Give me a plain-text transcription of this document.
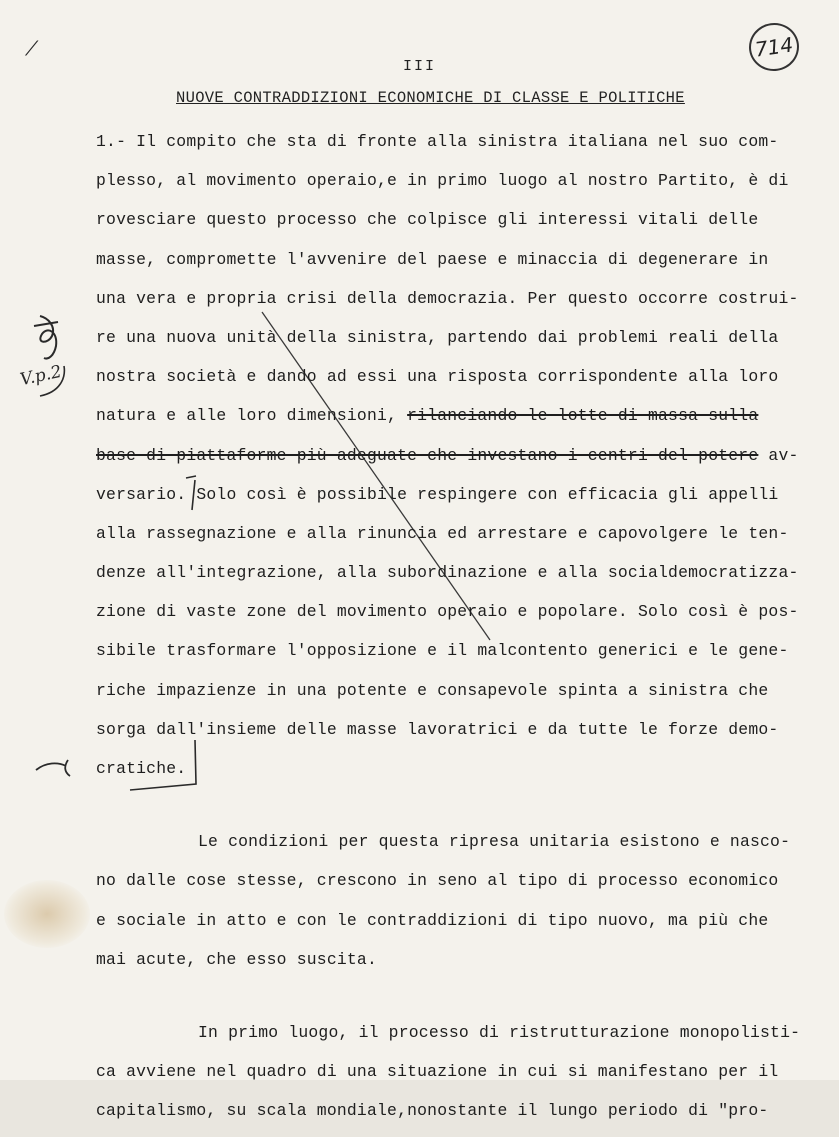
714
⁄
V.p.2
III
NUOVE CONTRADDIZIONI ECONOMICHE DI CLASSE E POLITICHE
1.- Il compito che sta di fronte alla sinistra italiana nel suo com-
plesso, al movimento operaio,e in primo luogo al nostro Partito, è di
rovesciare questo processo che colpisce gli interessi vitali delle
masse, compromette l'avvenire del paese e minaccia di degenerare in
una vera e propria crisi della democrazia. Per questo occorre costrui-
re una nuova unità della sinistra, partendo dai problemi reali della
nostra società e dando ad essi una risposta corrispondente alla loro
natura e alle loro dimensioni, rilanciando le lotte di massa sulla
base di piattaforme più adeguate che investano i centri del potere av-
versario. Solo così è possibile respingere con efficacia gli appelli
alla rassegnazione e alla rinuncia ed arrestare e capovolgere le ten-
denze all'integrazione, alla subordinazione e alla socialdemocratizza-
zione di vaste zone del movimento operaio e popolare. Solo così è pos-
sibile trasformare l'opposizione e il malcontento generici e le gene-
riche impazienze in una potente e consapevole spinta a sinistra che
sorga dall'insieme delle masse lavoratrici e da tutte le forze demo-
cratiche.
Le condizioni per questa ripresa unitaria esistono e nasco-
no dalle cose stesse, crescono in seno al tipo di processo economico
e sociale in atto e con le contraddizioni di tipo nuovo, ma più che
mai acute, che esso suscita.
In primo luogo, il processo di ristrutturazione monopolisti-
ca avviene nel quadro di una situazione in cui si manifestano per il
capitalismo, su scala mondiale,nonostante il lungo periodo di "pro-
